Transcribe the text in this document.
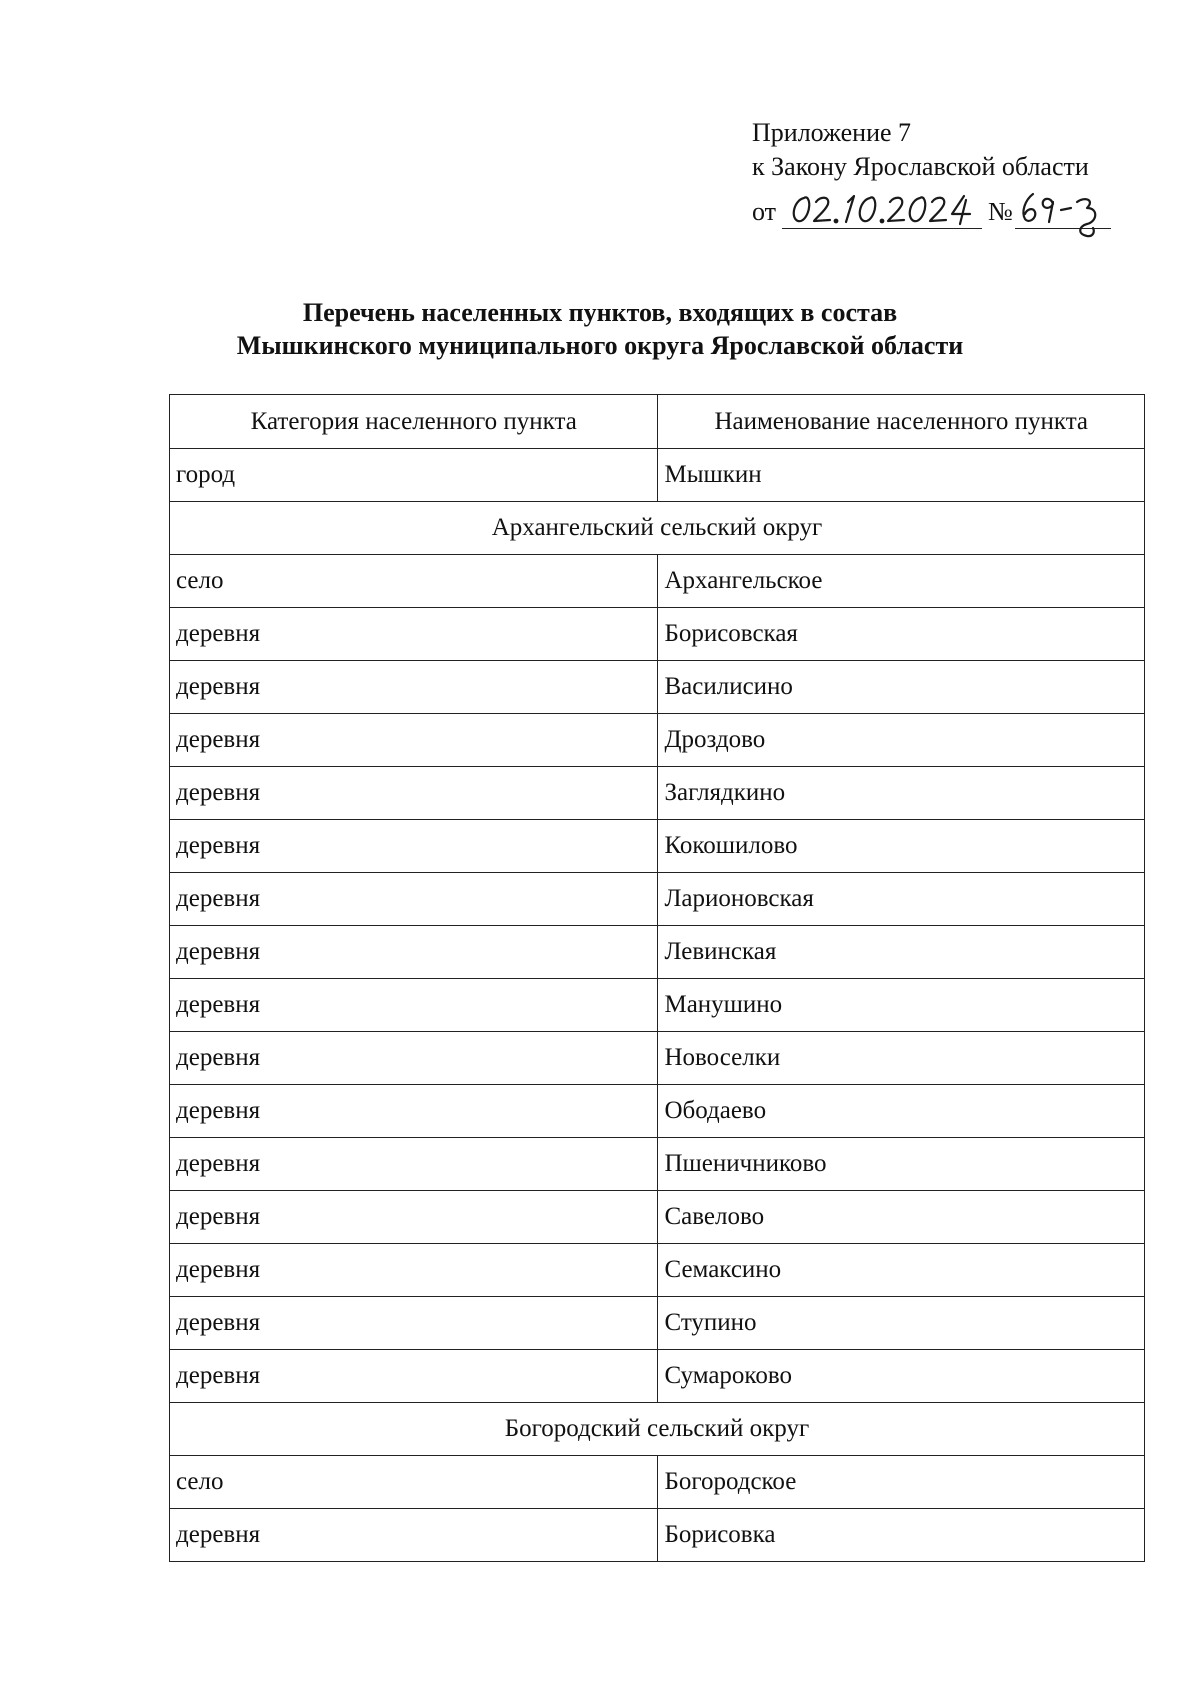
Приложение 7
к Закону Ярославской области
от	№
Перечень населенных пунктов, входящих в состав
Мышкинского муниципального округа Ярославской области
Категория населенного пункта	Наименование населенного пункта
город	Мышкин
Архангельский сельский округ	
село	Архангельское
деревня	Борисовская
деревня	Василисино
деревня	Дроздово
деревня	Заглядкино
деревня	Кокошилово
деревня	Ларионовская
деревня	Левинская
деревня	Манушино
деревня	Новоселки
деревня	Ободаево
деревня	Пшеничниково
деревня	Савелово
деревня	Семаксино
деревня	Ступино
деревня	Сумароково
Богородский сельский округ	
село	Богородское
деревня	Борисовка
